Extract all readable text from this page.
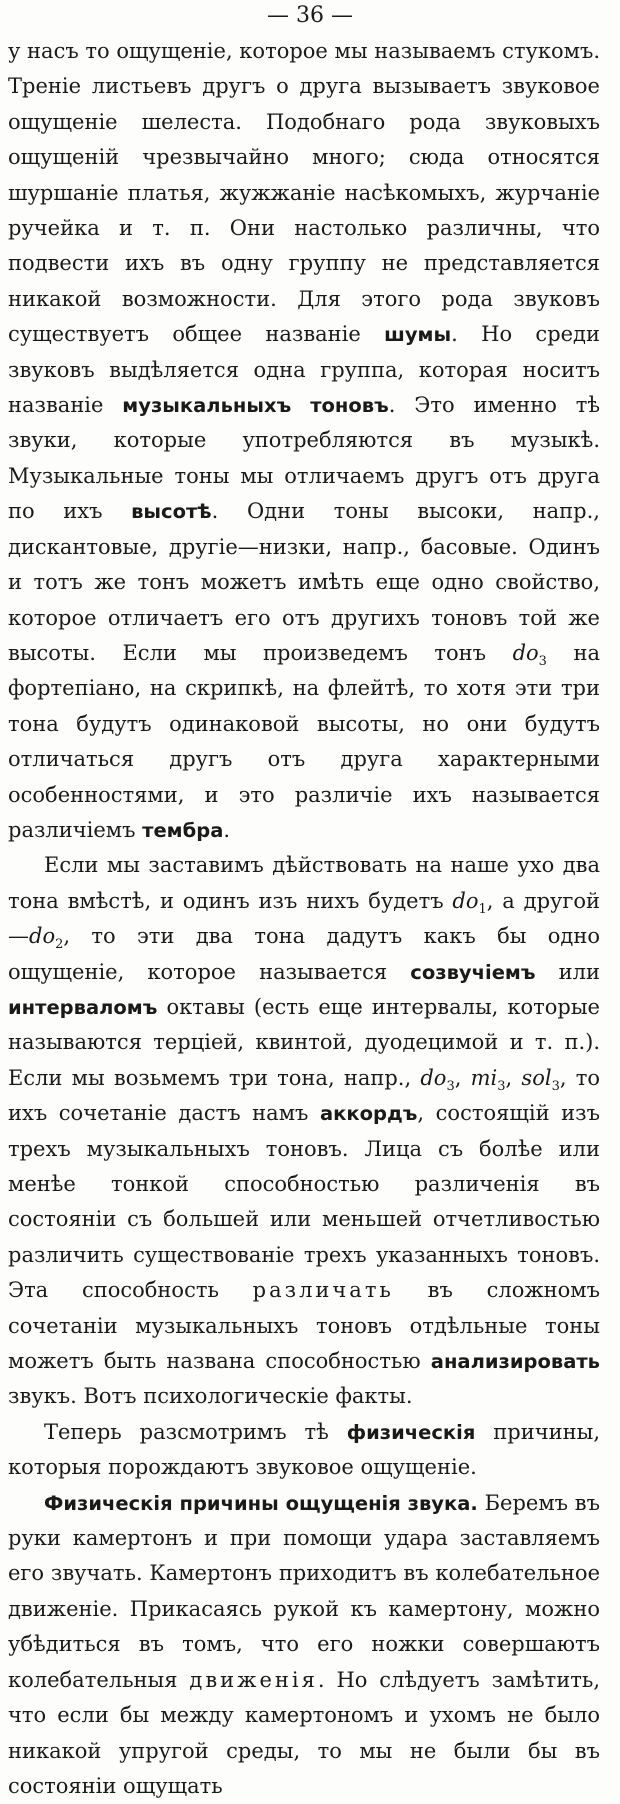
— 36 —

у насъ то ощущеніе, которое мы называемъ стукомъ. Треніе листьевъ другъ о друга вызываетъ звуковое ощущеніе шелеста. Подобнаго рода звуковыхъ ощущеній чрезвычайно много; сюда относятся шуршаніе платья, жужжаніе насѣкомыхъ, журчаніе ручейка и т. п. Они настолько различны, что подвести ихъ въ одну группу не представляется никакой возможности. Для этого рода звуковъ существуетъ общее названіе шумы. Но среди звуковъ выдѣляется одна группа, которая носитъ названіе музыкальныхъ тоновъ. Это именно тѣ звуки, которые употребляются въ музыкѣ. Музыкальные тоны мы отличаемъ другъ отъ друга по ихъ высотѣ. Одни тоны высоки, напр., дискантовые, другіе—низки, напр., басовые. Одинъ и тотъ же тонъ можетъ имѣть еще одно свойство, которое отличаетъ его отъ другихъ тоновъ той же высоты. Если мы произведемъ тонъ $do_3$ на фортепіано, на скрипкѣ, на флейтѣ, то хотя эти три тона будутъ одинаковой высоты, но они будутъ отличаться другъ отъ друга характерными особенностями, и это различіе ихъ называется различіемъ тембра.

Если мы заставимъ дѣйствовать на наше ухо два тона вмѣстѣ, и одинъ изъ нихъ будетъ $do_1$, а $другой—do_2$, то эти два тона дадутъ какъ бы одно ощущеніе, которое называется созвучіемъ или интерваломъ октавы (есть еще интервалы, которые называются терціей, квинтой, дуодецимой и т. п.). Если мы возьмемъ три тона, напр., $do_3$, $mi_3$, sol$_3$, то ихъ сочетаніе дастъ намъ аккордъ, состоящій изъ трехъ музыкальныхъ тоновъ. Лица съ болѣе или менѣе тонкой способностью различенія въ состояніи съ большей или меньшей отчетливостью различить существованіе трехъ указанныхъ тоновъ. Эта способность различать въ сложномъ сочетаніи музыкальныхъ тоновъ отдѣльные тоны можетъ быть названа способностью анализировать звукъ. Вотъ психологическіе факты.

Теперь разсмотримъ тѣ физическія причины, которыя порождаютъ звуковое ощущеніе.

Физическія причины ощущенія звука. Беремъ въ руки камертонъ и при помощи удара заставляемъ его звучать. Камертонъ приходитъ въ колебательное движеніе. Прикасаясь рукой къ камертону, можно убѣдиться въ томъ, что его ножки совершаютъ колебательныя движенія. Но слѣдуетъ замѣтить, что если бы между камертономъ и ухомъ не было никакой упругой среды, то мы не были бы въ состояніи ощущать
